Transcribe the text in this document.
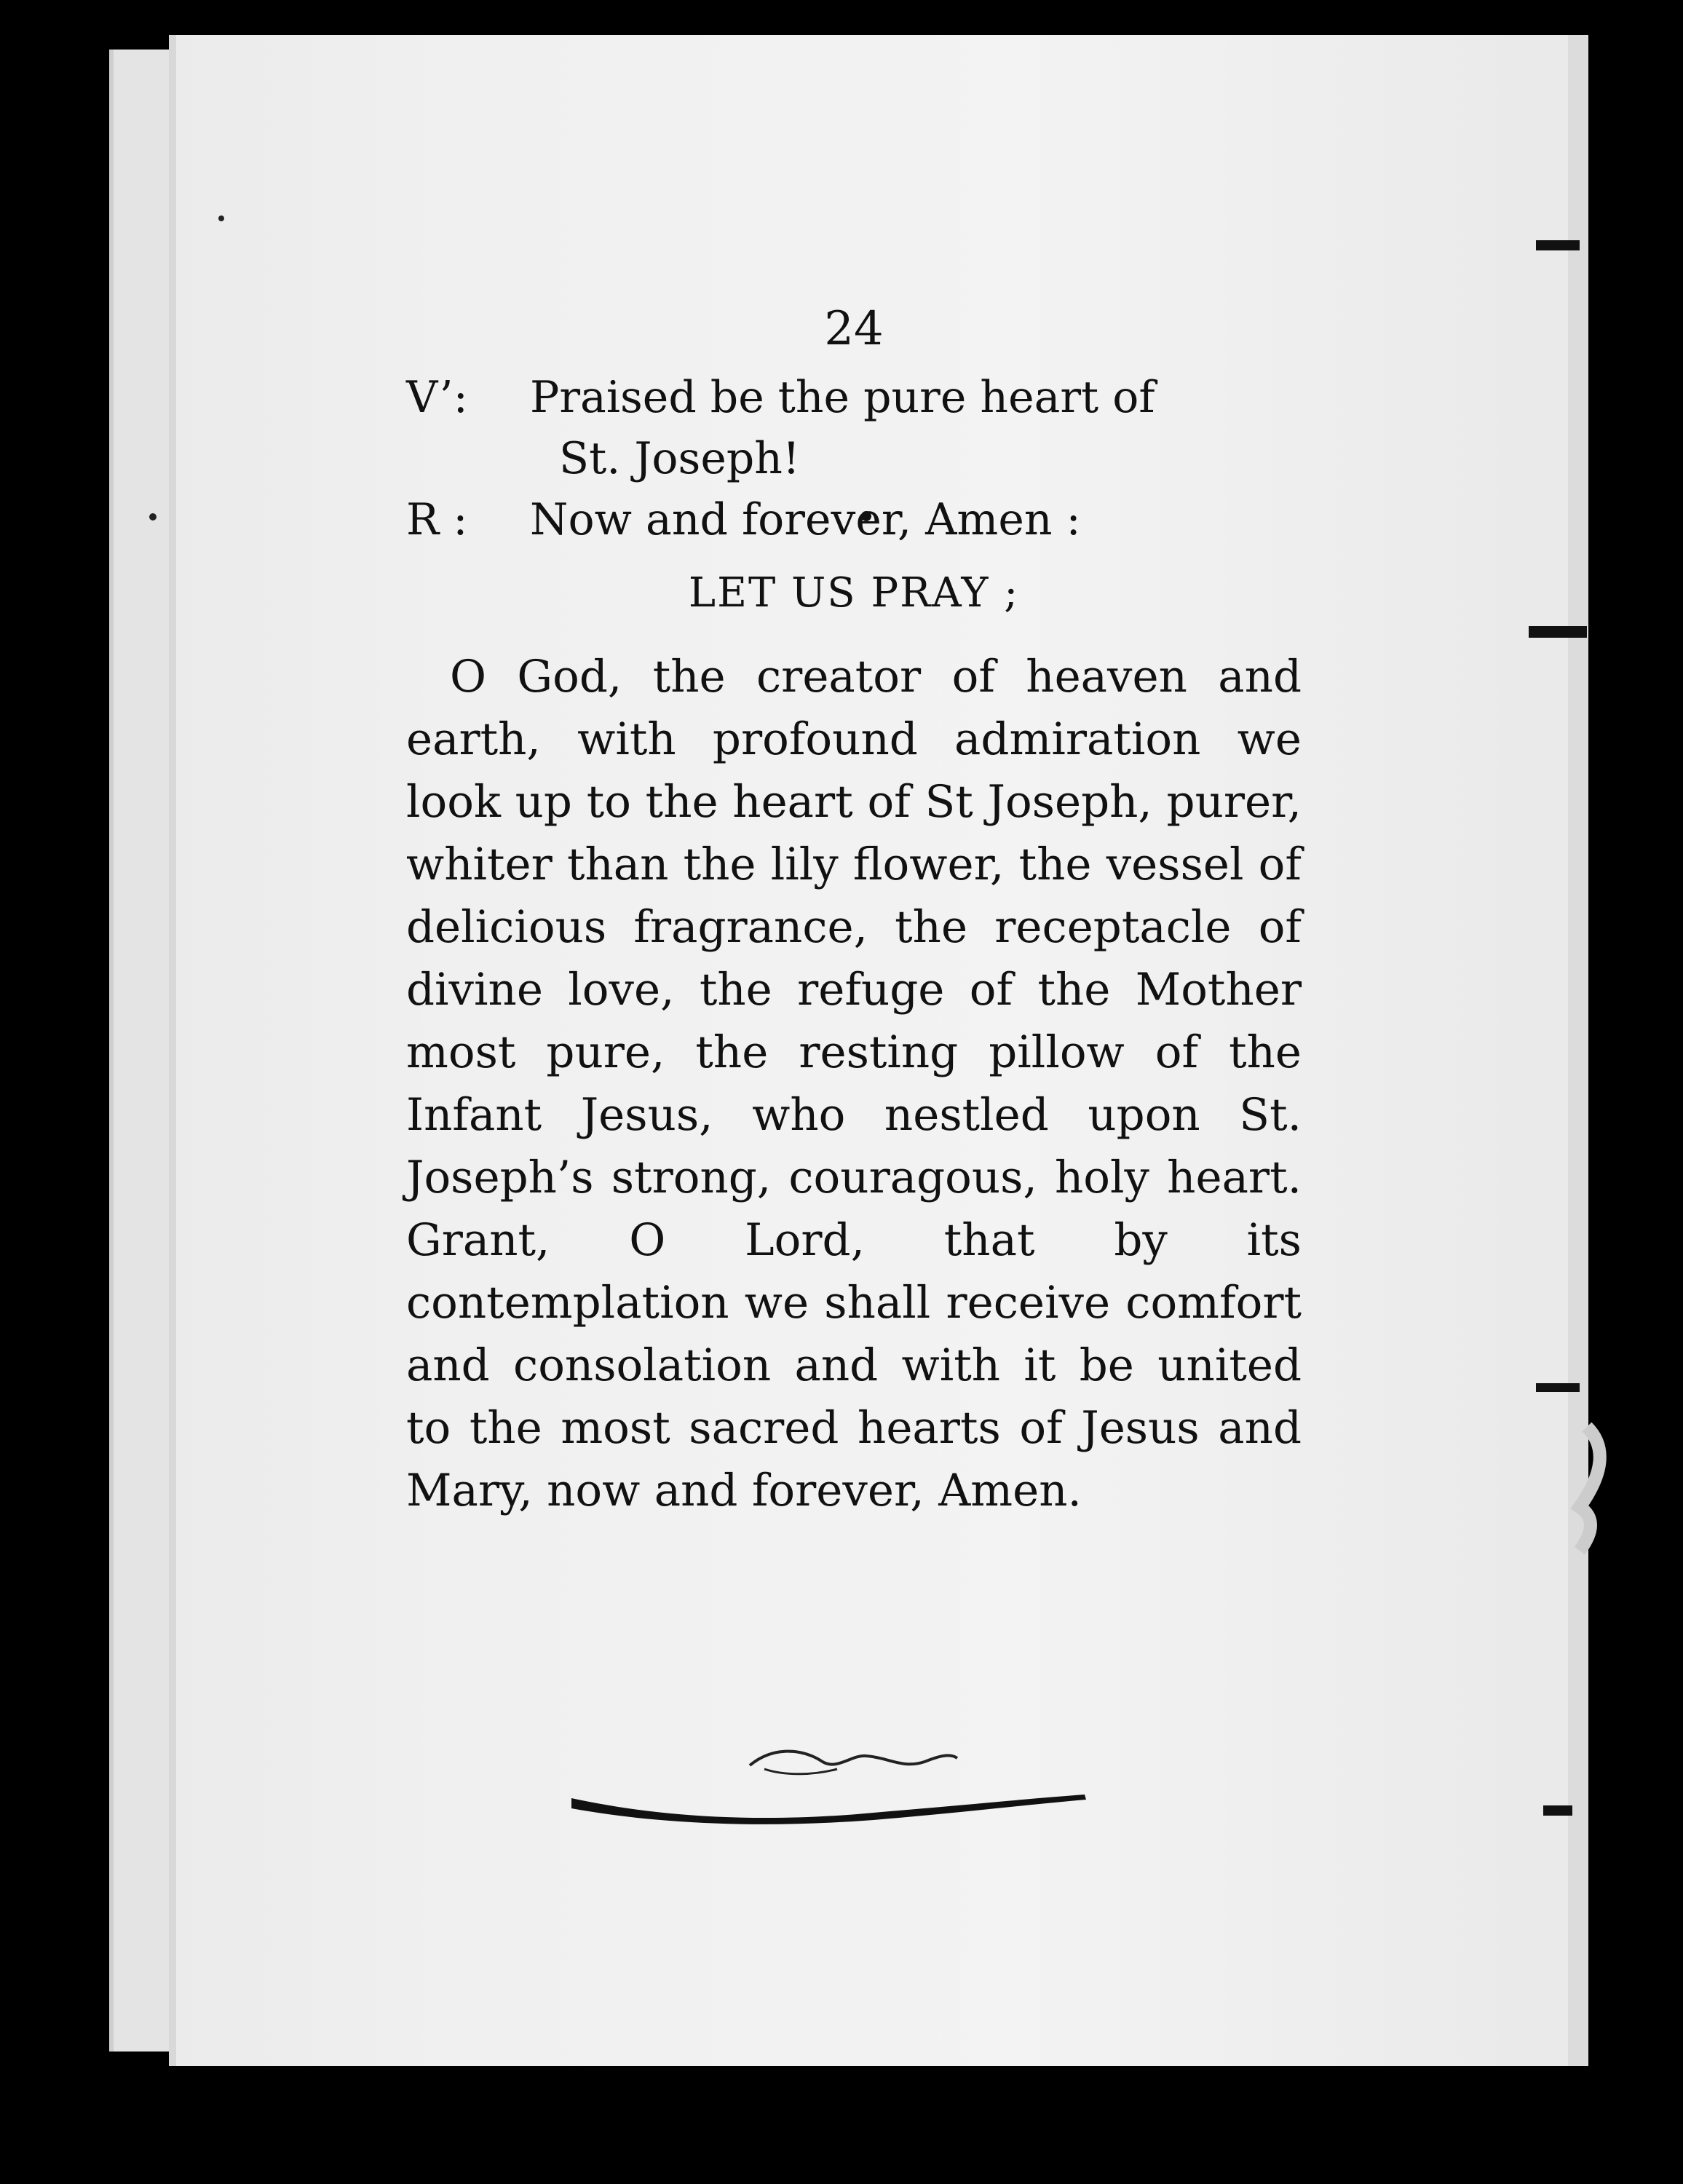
24
V’:	Praised be the pure heart of
St. Joseph!
R :	Now and forever, Amen :
LET US PRAY ;

O God, the creator of heaven and earth, with profound admiration we look up to the heart of St Joseph, purer, whiter than the lily flower, the vessel of delicious fragrance, the receptacle of divine love, the refuge of the Mother most pure, the resting pillow of the Infant Jesus, who nestled upon St. Joseph’s strong, couragous, holy heart. Grant, O Lord, that by its contemplation we shall receive comfort and consolation and with it be united to the most sacred hearts of Jesus and Mary, now and forever, Amen.
